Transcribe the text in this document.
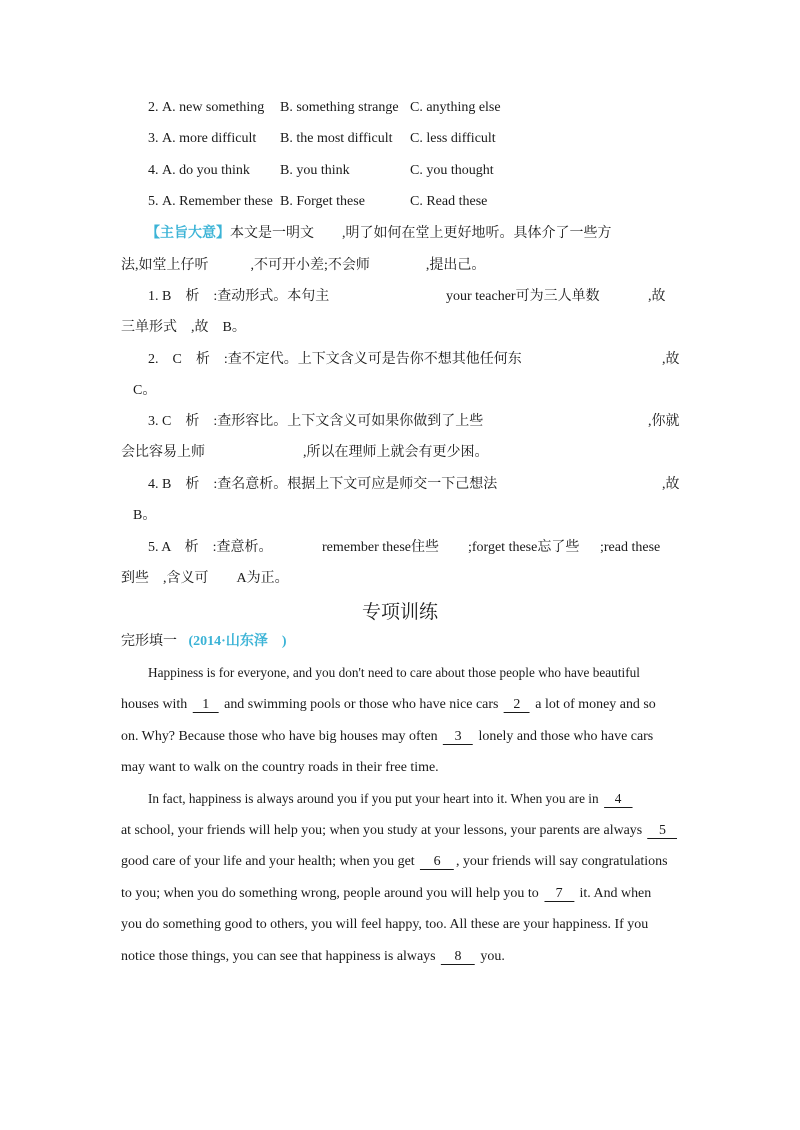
2. A. new something B. something strange C. anything else
3. A. more difficult B. the most difficult C. less difficult
4. A. do you think B. you think	C. you thought
5. A. Remember these B. Forget these	C. Read these
【主旨大意】本文是一明文　　,明了如何在堂上更好地听。具体介了一些方
法,如堂上仔听　　　,不可开小差;不会师　　　　,提出己。
1. B　析　:查动形式。本句主	your teacher可为三人单数	,故
三单形式　,故　B。
2.　C　析　:查不定代。上下文含义可是告你不想其他任何东	,故
C。
3. C　析　:查形容比。上下文含义可如果你做到了上些	,你就
会比容易上师	,所以在理师上就会有更少困。
4. B　析　:查名意析。根据上下文可应是师交一下己想法	,故
B。
5. A　析　:查意析。	remember these住些 ;forget these忘了些 ;read these
到些　,含义可　　A为正。
专项训练
完形填一 (2014·山东泽　)
Happiness is for everyone, and you don't need to care about those people who have beautiful
houses with 1 and swimming pools or those who have nice cars 2 a lot of money and so
on. Why? Because those who have big houses may often 3 lonely and those who have cars
may want to walk on the country roads in their free time.
In fact, happiness is always around you if you put your heart into it. When you are in 4
at school, your friends will help you; when you study at your lessons, your parents are always 5
good care of your life and your health; when you get 6 , your friends will say congratulations
to you; when you do something wrong, people around you will help you to 7 it. And when
you do something good to others, you will feel happy, too. All these are your happiness. If you
notice those things, you can see that happiness is always 8 you.
